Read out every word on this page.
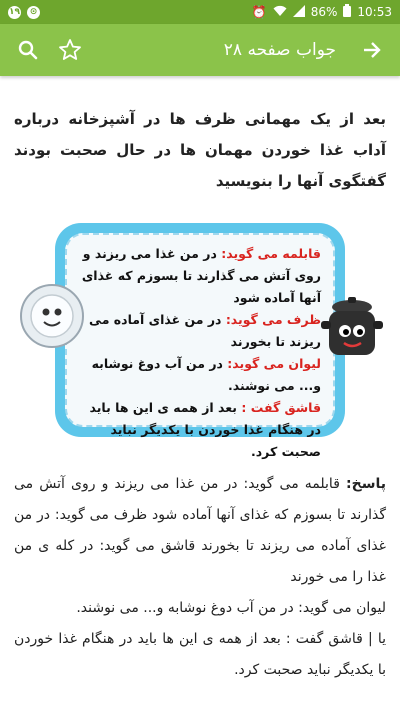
۱۹	⊙	⏰	86% 10:53
جواب صفحه ۲۸
بعد از یک مهمانی ظرف ها در آشپزخانه درباره آداب غذا خوردن مهمان ها در حال صحبت بودند گفتگوی آنها را بنویسید
قابلمه می گوید: در من غذا می ریزند و روی آتش می گذارند تا بسوزم که غذای آنها آماده شود
ظرف می گوید: در من غذای آماده می ریزند تا بخورند
لیوان می گوید: در من آب دوغ نوشابه و... می نوشند.
قاشق گفت : بعد از همه ی این ها باید در هنگام غذا خوردن با یکدیگر نباید صحبت کرد.

پاسخ: قابلمه می گوید: در من غذا می ریزند و روی آتش می گذارند تا بسوزم که غذای آنها آماده شود ظرف می گوید: در من غذای آماده می ریزند تا بخورند قاشق می گوید: در کله ی من غذا را می خورند

لیوان می گوید: در من آب دوغ نوشابه و... می نوشند.

یا | قاشق گفت : بعد از همه ی این ها باید در هنگام غذا خوردن با یکدیگر نباید صحبت کرد.
